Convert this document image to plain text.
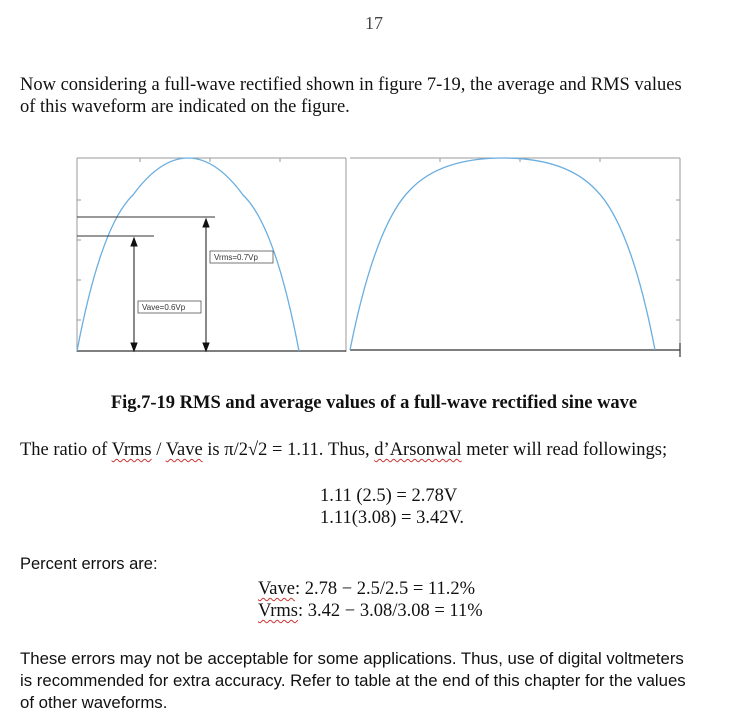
17
Now considering a full-wave rectified shown in figure 7-19, the average and RMS values
of this waveform are indicated on the figure.
Vrms=0.7Vp
Vave=0.6Vp
Fig.7-19 RMS and average values of a full-wave rectified sine wave
The ratio of Vrms / Vave is π/2√2 = 1.11. Thus, d’Arsonwal meter will read followings;
1.11 (2.5) = 2.78V
1.11(3.08) = 3.42V.
Percent errors are:
Vave: 2.78 − 2.5/2.5 = 11.2%
Vrms: 3.42 − 3.08/3.08 = 11%
These errors may not be acceptable for some applications. Thus, use of digital voltmeters
is recommended for extra accuracy. Refer to table at the end of this chapter for the values
of other waveforms.
